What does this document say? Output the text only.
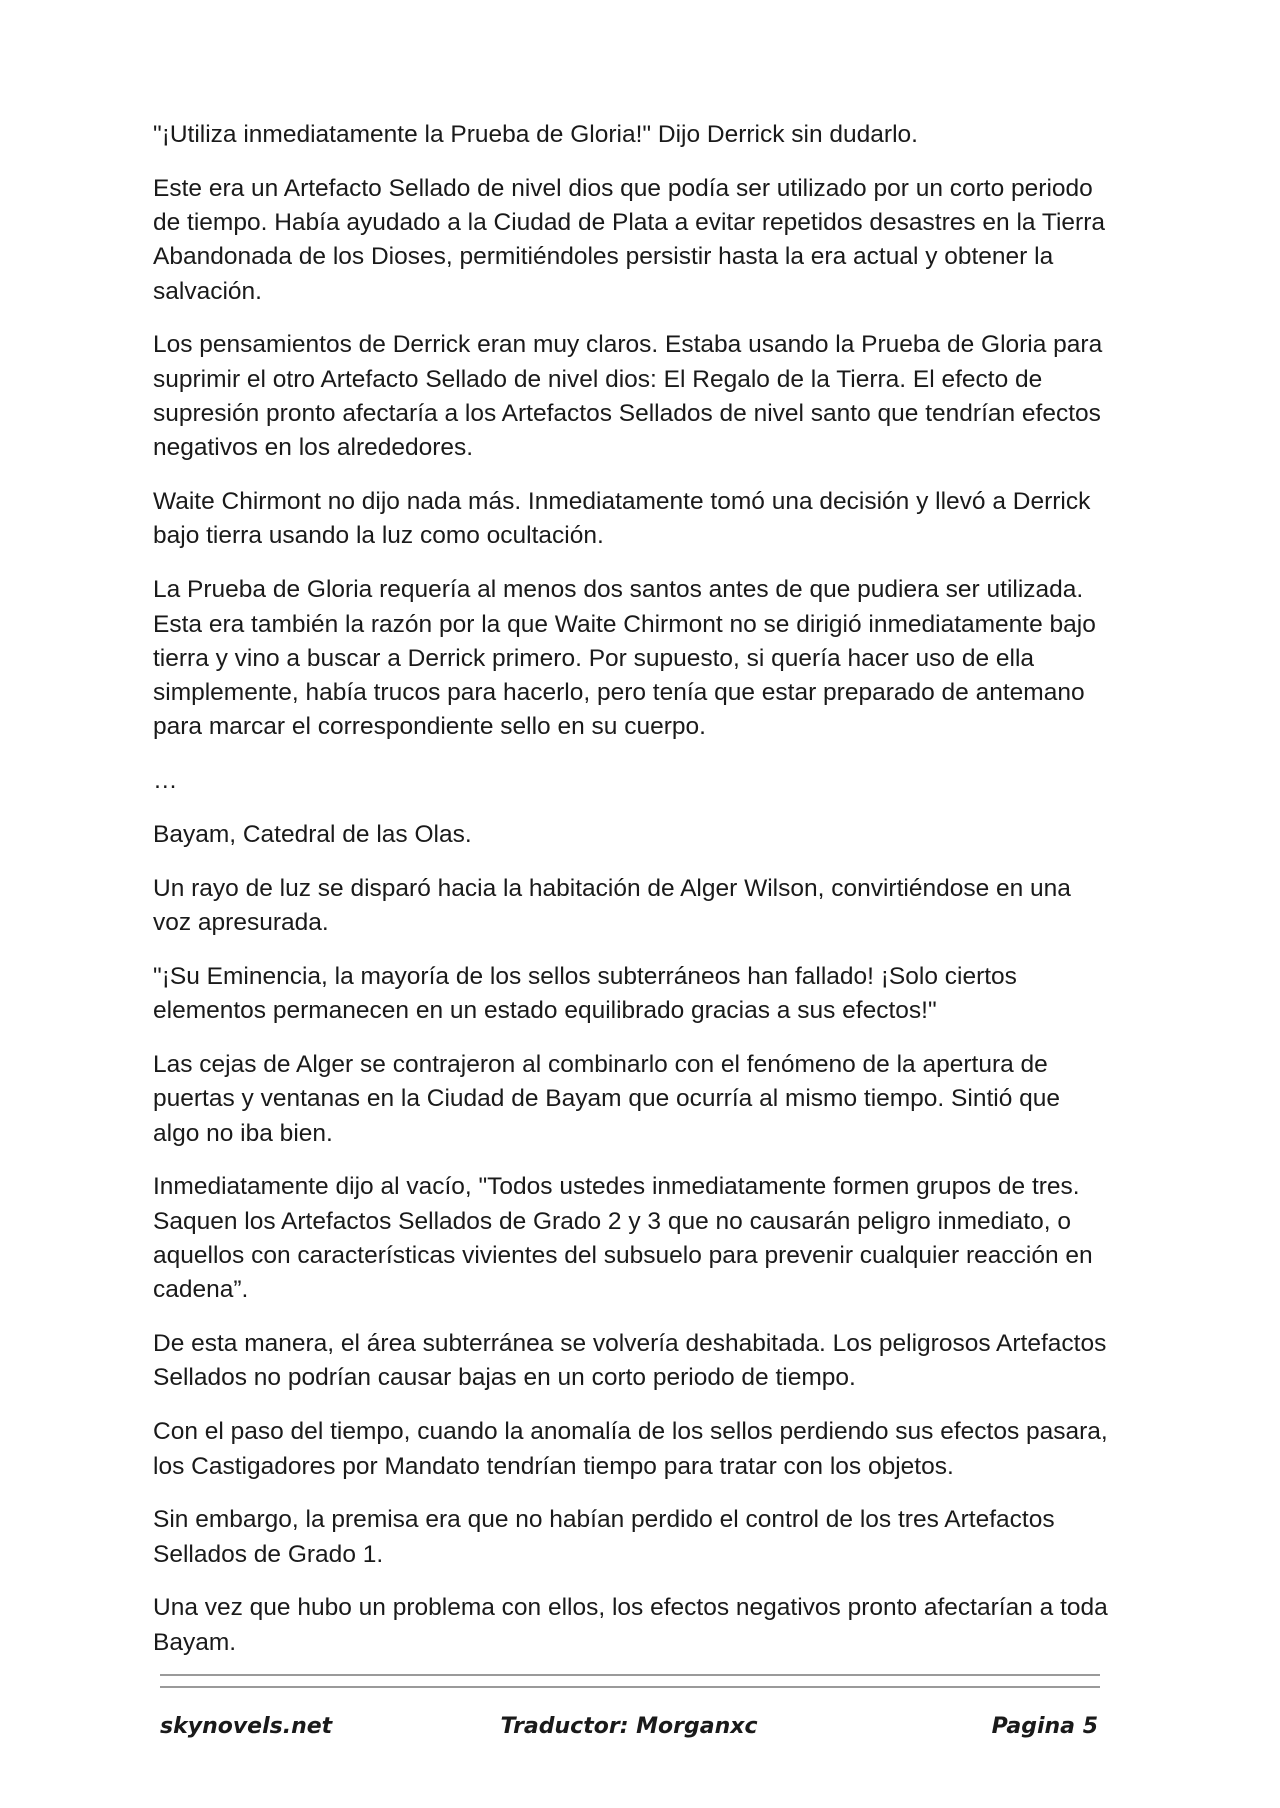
"¡Utiliza inmediatamente la Prueba de Gloria!" Dijo Derrick sin dudarlo.

Este era un Artefacto Sellado de nivel dios que podía ser utilizado por un corto periodo de tiempo. Había ayudado a la Ciudad de Plata a evitar repetidos desastres en la Tierra Abandonada de los Dioses, permitiéndoles persistir hasta la era actual y obtener la salvación.

Los pensamientos de Derrick eran muy claros. Estaba usando la Prueba de Gloria para suprimir el otro Artefacto Sellado de nivel dios: El Regalo de la Tierra. El efecto de supresión pronto afectaría a los Artefactos Sellados de nivel santo que tendrían efectos negativos en los alrededores.

Waite Chirmont no dijo nada más. Inmediatamente tomó una decisión y llevó a Derrick bajo tierra usando la luz como ocultación.

La Prueba de Gloria requería al menos dos santos antes de que pudiera ser utilizada. Esta era también la razón por la que Waite Chirmont no se dirigió inmediatamente bajo tierra y vino a buscar a Derrick primero. Por supuesto, si quería hacer uso de ella simplemente, había trucos para hacerlo, pero tenía que estar preparado de antemano para marcar el correspondiente sello en su cuerpo.

…

Bayam, Catedral de las Olas.

Un rayo de luz se disparó hacia la habitación de Alger Wilson, convirtiéndose en una voz apresurada.

"¡Su Eminencia, la mayoría de los sellos subterráneos han fallado! ¡Solo ciertos elementos permanecen en un estado equilibrado gracias a sus efectos!"

Las cejas de Alger se contrajeron al combinarlo con el fenómeno de la apertura de puertas y ventanas en la Ciudad de Bayam que ocurría al mismo tiempo. Sintió que algo no iba bien.

Inmediatamente dijo al vacío, "Todos ustedes inmediatamente formen grupos de tres. Saquen los Artefactos Sellados de Grado 2 y 3 que no causarán peligro inmediato, o aquellos con características vivientes del subsuelo para prevenir cualquier reacción en cadena”.

De esta manera, el área subterránea se volvería deshabitada. Los peligrosos Artefactos Sellados no podrían causar bajas en un corto periodo de tiempo.

Con el paso del tiempo, cuando la anomalía de los sellos perdiendo sus efectos pasara, los Castigadores por Mandato tendrían tiempo para tratar con los objetos.

Sin embargo, la premisa era que no habían perdido el control de los tres Artefactos Sellados de Grado 1.

Una vez que hubo un problema con ellos, los efectos negativos pronto afectarían a toda Bayam.

skynovels.net	Traductor: Morganxc	Pagina 5
